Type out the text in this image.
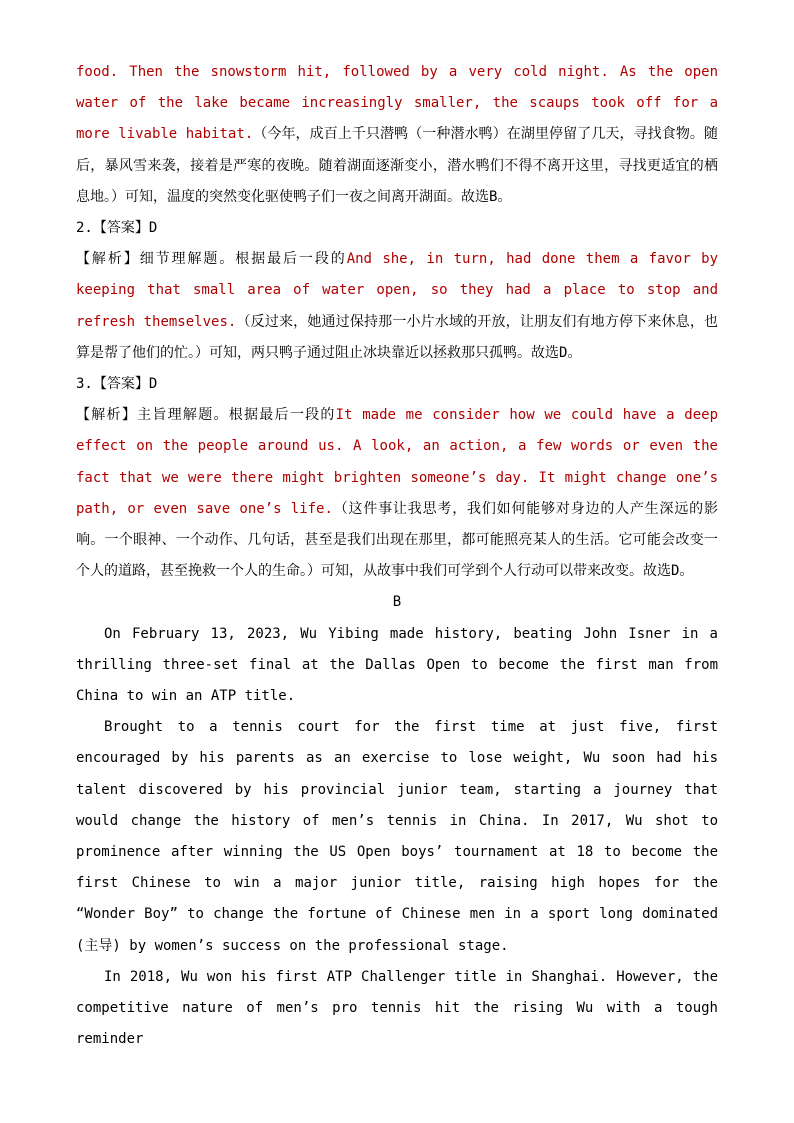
food. Then the snowstorm hit, followed by a very cold night. As the open water of the lake became increasingly smaller, the scaups took off for a more livable habitat.（今年，成百上千只潜鸭（一种潜水鸭）在湖里停留了几天，寻找食物。随后，暴风雪来袭，接着是严寒的夜晚。随着湖面逐渐变小，潜水鸭们不得不离开这里，寻找更适宜的栖息地。）可知，温度的突然变化驱使鸭子们一夜之间离开湖面。故选B。

2.【答案】D

【解析】细节理解题。根据最后一段的And she, in turn, had done them a favor by keeping that small area of water open, so they had a place to stop and refresh themselves.（反过来，她通过保持那一小片水域的开放，让朋友们有地方停下来休息，也算是帮了他们的忙。）可知，两只鸭子通过阻止冰块靠近以拯救那只孤鸭。故选D。

3.【答案】D

【解析】主旨理解题。根据最后一段的It made me consider how we could have a deep effect on the people around us. A look, an action, a few words or even the fact that we were there might brighten someone’s day. It might change one’s path, or even save one’s life.（这件事让我思考，我们如何能够对身边的人产生深远的影响。一个眼神、一个动作、几句话，甚至是我们出现在那里，都可能照亮某人的生活。它可能会改变一个人的道路，甚至挽救一个人的生命。）可知，从故事中我们可学到个人行动可以带来改变。故选D。

B

On February 13, 2023, Wu Yibing made history, beating John Isner in a thrilling three-set final at the Dallas Open to become the first man from China to win an ATP title.

Brought to a tennis court for the first time at just five, first encouraged by his parents as an exercise to lose weight, Wu soon had his talent discovered by his provincial junior team, starting a journey that would change the history of men’s tennis in China. In 2017, Wu shot to prominence after winning the US Open boys’ tournament at 18 to become the first Chinese to win a major junior title, raising high hopes for the “Wonder Boy” to change the fortune of Chinese men in a sport long dominated (主导) by women’s success on the professional stage.

In 2018, Wu won his first ATP Challenger title in Shanghai. However, the competitive nature of men’s pro tennis hit the rising Wu with a tough reminder
